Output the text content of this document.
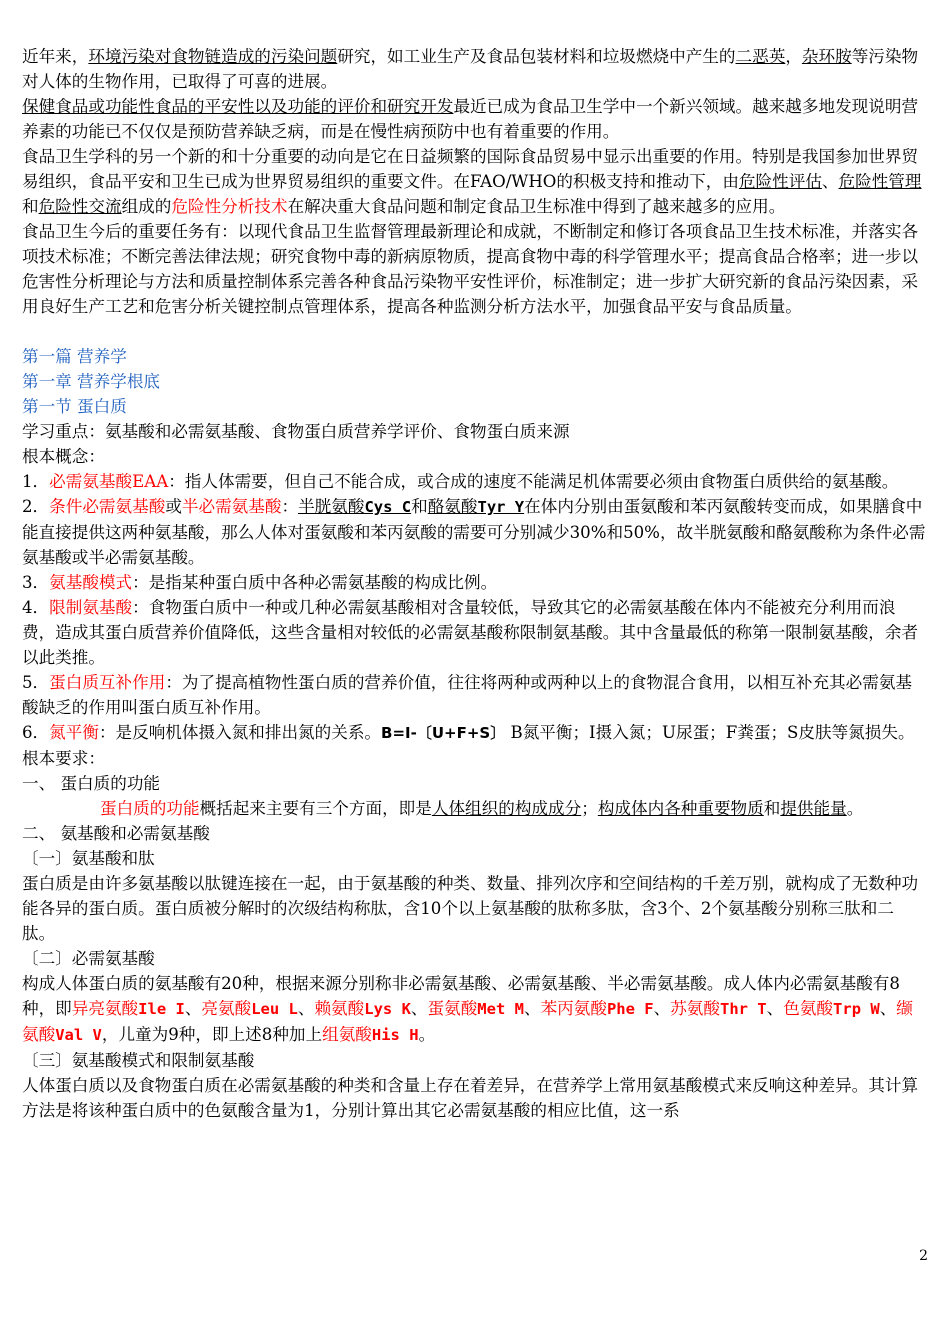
近年来，环境污染对食物链造成的污染问题研究，如工业生产及食品包装材料和垃圾燃烧中产生的二恶英，杂环胺等污染物对人体的生物作用，已取得了可喜的进展。

保健食品或功能性食品的平安性以及功能的评价和研究开发最近已成为食品卫生学中一个新兴领域。越来越多地发现说明营养素的功能已不仅仅是预防营养缺乏病，而是在慢性病预防中也有着重要的作用。

食品卫生学科的另一个新的和十分重要的动向是它在日益频繁的国际食品贸易中显示出重要的作用。特别是我国参加世界贸易组织，食品平安和卫生已成为世界贸易组织的重要文件。在FAO/WHO的积极支持和推动下，由危险性评估、危险性管理和危险性交流组成的危险性分析技术在解决重大食品问题和制定食品卫生标准中得到了越来越多的应用。

食品卫生今后的重要任务有：以现代食品卫生监督管理最新理论和成就，不断制定和修订各项食品卫生技术标准，并落实各项技术标准；不断完善法律法规；研究食物中毒的新病原物质，提高食物中毒的科学管理水平；提高食品合格率；进一步以危害性分析理论与方法和质量控制体系完善各种食品污染物平安性评价，标准制定；进一步扩大研究新的食品污染因素，采用良好生产工艺和危害分析关键控制点管理体系，提高各种监测分析方法水平，加强食品平安与食品质量。

第一篇 营养学

第一章 营养学根底

第一节 蛋白质

学习重点：氨基酸和必需氨基酸、食物蛋白质营养学评价、食物蛋白质来源

根本概念：

1．必需氨基酸EAA：指人体需要，但自己不能合成，或合成的速度不能满足机体需要必须由食物蛋白质供给的氨基酸。

2．条件必需氨基酸或半必需氨基酸：半胱氨酸Cys C和酪氨酸Tyr Y在体内分别由蛋氨酸和苯丙氨酸转变而成，如果膳食中能直接提供这两种氨基酸，那么人体对蛋氨酸和苯丙氨酸的需要可分别减少30%和50%，故半胱氨酸和酪氨酸称为条件必需氨基酸或半必需氨基酸。

3．氨基酸模式：是指某种蛋白质中各种必需氨基酸的构成比例。

4．限制氨基酸：食物蛋白质中一种或几种必需氨基酸相对含量较低，导致其它的必需氨基酸在体内不能被充分利用而浪费，造成其蛋白质营养价值降低，这些含量相对较低的必需氨基酸称限制氨基酸。其中含量最低的称第一限制氨基酸，余者以此类推。

5．蛋白质互补作用：为了提高植物性蛋白质的营养价值，往往将两种或两种以上的食物混合食用，以相互补充其必需氨基酸缺乏的作用叫蛋白质互补作用。

6．氮平衡：是反响机体摄入氮和排出氮的关系。B=I-〔U+F+S〕 B氮平衡；I摄入氮；U尿蛋；F粪蛋；S皮肤等氮损失。

根本要求：

一、 蛋白质的功能

蛋白质的功能概括起来主要有三个方面，即是人体组织的构成成分；构成体内各种重要物质和提供能量。

二、 氨基酸和必需氨基酸

〔一〕氨基酸和肽

蛋白质是由许多氨基酸以肽键连接在一起，由于氨基酸的种类、数量、排列次序和空间结构的千差万别，就构成了无数种功能各异的蛋白质。蛋白质被分解时的次级结构称肽，含10个以上氨基酸的肽称多肽，含3个、2个氨基酸分别称三肽和二肽。

〔二〕必需氨基酸

构成人体蛋白质的氨基酸有20种，根据来源分别称非必需氨基酸、必需氨基酸、半必需氨基酸。成人体内必需氨基酸有8种，即异亮氨酸Ile I、亮氨酸Leu L、赖氨酸Lys K、蛋氨酸Met M、苯丙氨酸Phe F、苏氨酸Thr T、色氨酸Trp W、缬氨酸Val V，儿童为9种，即上述8种加上组氨酸His H。

〔三〕氨基酸模式和限制氨基酸

人体蛋白质以及食物蛋白质在必需氨基酸的种类和含量上存在着差异，在营养学上常用氨基酸模式来反响这种差异。其计算方法是将该种蛋白质中的色氨酸含量为1，分别计算出其它必需氨基酸的相应比值，这一系

2
